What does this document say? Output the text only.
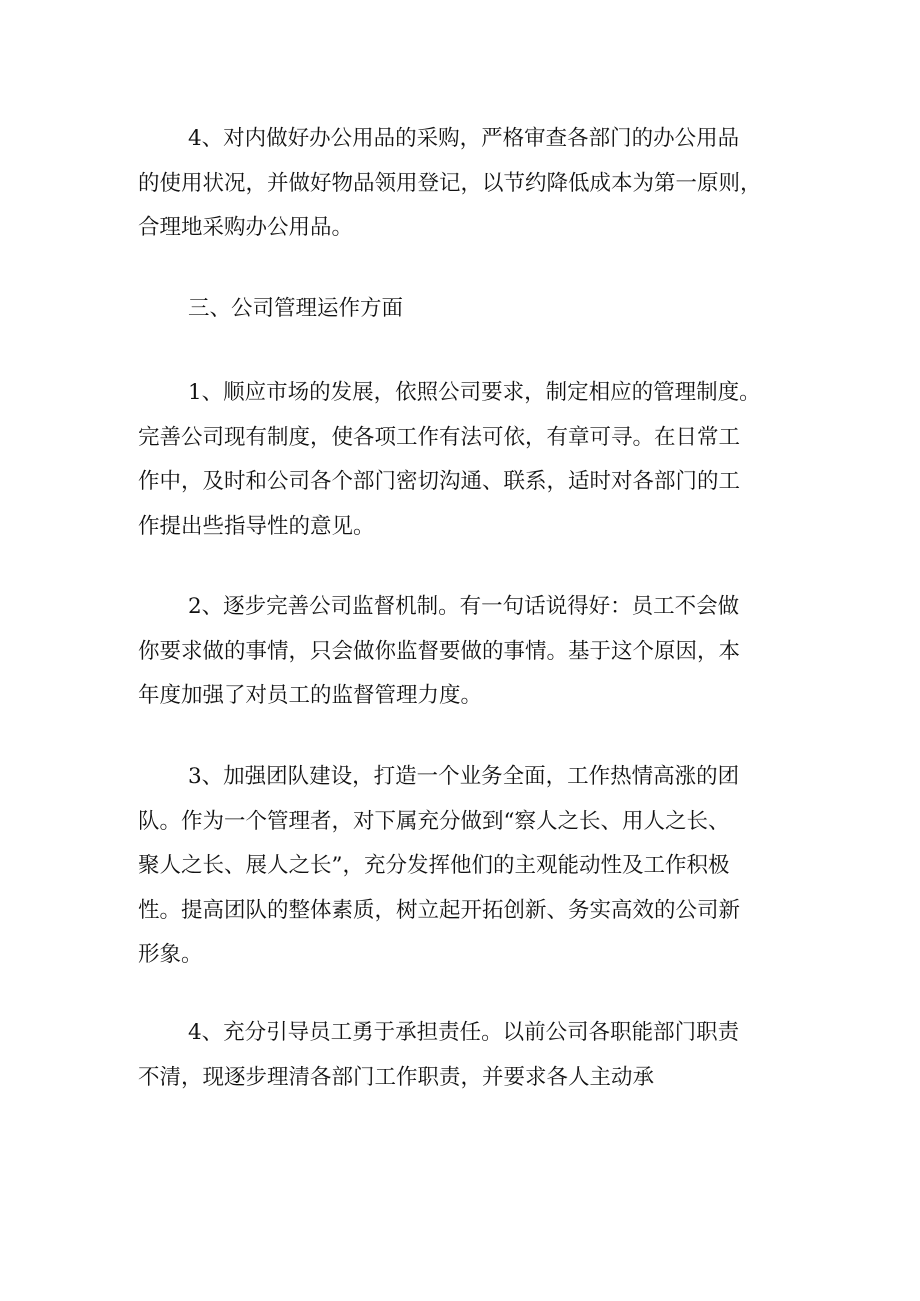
4、对内做好办公用品的采购，严格审查各部门的办公用品
的使用状况，并做好物品领用登记，以节约降低成本为第一原则，
合理地采购办公用品。

三、公司管理运作方面

1、顺应市场的发展，依照公司要求，制定相应的管理制度。
完善公司现有制度，使各项工作有法可依，有章可寻。在日常工
作中，及时和公司各个部门密切沟通、联系，适时对各部门的工
作提出些指导性的意见。

2、逐步完善公司监督机制。有一句话说得好：员工不会做
你要求做的事情，只会做你监督要做的事情。基于这个原因，本
年度加强了对员工的监督管理力度。

3、加强团队建设，打造一个业务全面，工作热情高涨的团
队。作为一个管理者，对下属充分做到“察人之长、用人之长、
聚人之长、展人之长”，充分发挥他们的主观能动性及工作积极
性。提高团队的整体素质，树立起开拓创新、务实高效的公司新
形象。

4、充分引导员工勇于承担责任。以前公司各职能部门职责
不清，现逐步理清各部门工作职责，并要求各人主动承
